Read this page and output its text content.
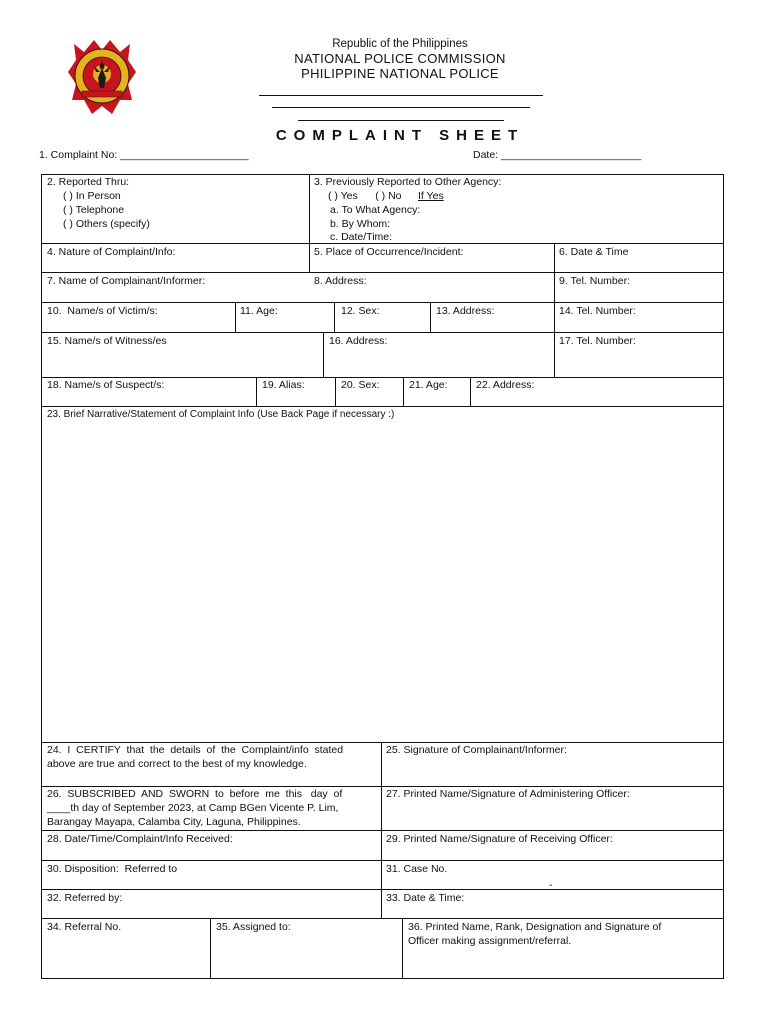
Republic of the Philippines
NATIONAL POLICE COMMISSION
PHILIPPINE NATIONAL POLICE
COMPLAINT SHEET
1. Complaint No: ______________________	Date: ________________________
2. Reported Thru:
( ) In Person
( ) Telephone
( ) Others (specify)
3. Previously Reported to Other Agency:
( ) Yes      ( ) No If Yes
a. To What Agency:
b. By Whom:
c. Date/Time:
4. Nature of Complaint/Info:	5. Place of Occurrence/Incident:	6. Date & Time
7. Name of Complainant/Informer:	8. Address:	9. Tel. Number:
10.  Name/s of Victim/s:	11. Age:	12. Sex:	13. Address:	14. Tel. Number:
15. Name/s of Witness/es	16. Address:	17. Tel. Number:
18. Name/s of Suspect/s:	19. Alias:	20. Sex:	21. Age:	22. Address:
23. Brief Narrative/Statement of Complaint Info (Use Back Page if necessary :)
24.  I  CERTIFY  that  the  details  of  the  Complaint/info  stated
above are true and correct to the best of my knowledge.
25. Signature of Complainant/Informer:
26.  SUBSCRIBED  AND  SWORN  to  before  me  this   day  of
____th day of September 2023, at Camp BGen Vicente P. Lim,
Barangay Mayapa, Calamba City, Laguna, Philippines.
27. Printed Name/Signature of Administering Officer:
28. Date/Time/Complaint/Info Received:	29. Printed Name/Signature of Receiving Officer:
30. Disposition:  Referred to	31. Case No.
32. Referred by:	33. Date & Time:
-
34. Referral No.	35. Assigned to:	36. Printed Name, Rank, Designation and Signature of
Officer making assignment/referral.
